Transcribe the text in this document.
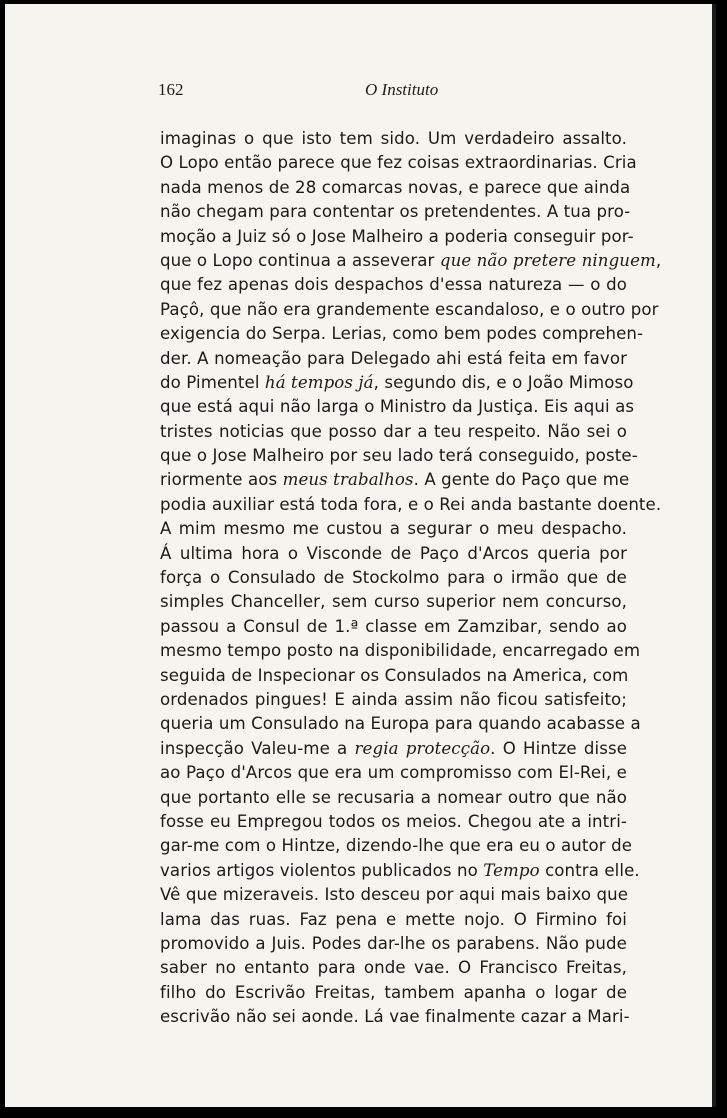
162	O Instituto
imaginas o que isto tem sido. Um verdadeiro assalto.
O Lopo então parece que fez coisas extraordinarias. Cria
nada menos de 28 comarcas novas, e parece que ainda
não chegam para contentar os pretendentes. A tua pro-
moção a Juiz só o Jose Malheiro a poderia conseguir por-
que o Lopo continua a asseverar que não pretere ninguem
que fez apenas dois despachos d'essa natureza — o do
Paçô, que não era grandemente escandaloso, e o outro por
exigencia do Serpa. Lerias, como bem podes comprehen-
der. A nomeação para Delegado ahi está feita em favor
do Pimentel há tempos já, segundo dis, e o João Mimoso
que está aqui não larga o Ministro da Justiça. Eis aqui as
tristes noticias que posso dar a teu respeito. Não sei o
que o Jose Malheiro por seu lado terá conseguido, poste-
riormente aos meus trabalhos. A gente do Paço que me
podia auxiliar está toda fora, e o Rei anda bastante doente.
A mim mesmo me custou a segurar o meu despacho.
Á ultima hora o Visconde de Paço d'Arcos queria por
força o Consulado de Stockolmo para o irmão que de
simples Chanceller, sem curso superior nem concurso,
passou a Consul de 1.ª classe em Zamzibar, sendo ao
mesmo tempo posto na disponibilidade, encarregado em
seguida de Inspecionar os Consulados na America, com
ordenados pingues! E ainda assim não ficou satisfeito;
queria um Consulado na Europa para quando acabasse a
inspecção Valeu-me a regia protecção. O Hintze disse
ao Paço d'Arcos que era um compromisso com El-Rei, e
que portanto elle se recusaria a nomear outro que não
fosse eu Empregou todos os meios. Chegou ate a intri-
gar-me com o Hintze, dizendo-lhe que era eu o autor de
varios artigos violentos publicados no Tempo contra elle.
Vê que mizeraveis. Isto desceu por aqui mais baixo que
lama das ruas. Faz pena e mette nojo. O Firmino foi
promovido a Juis. Podes dar-lhe os parabens. Não pude
saber no entanto para onde vae. O Francisco Freitas,
filho do Escrivão Freitas, tambem apanha o logar de
escrivão não sei aonde. Lá vae finalmente cazar a Mari-
